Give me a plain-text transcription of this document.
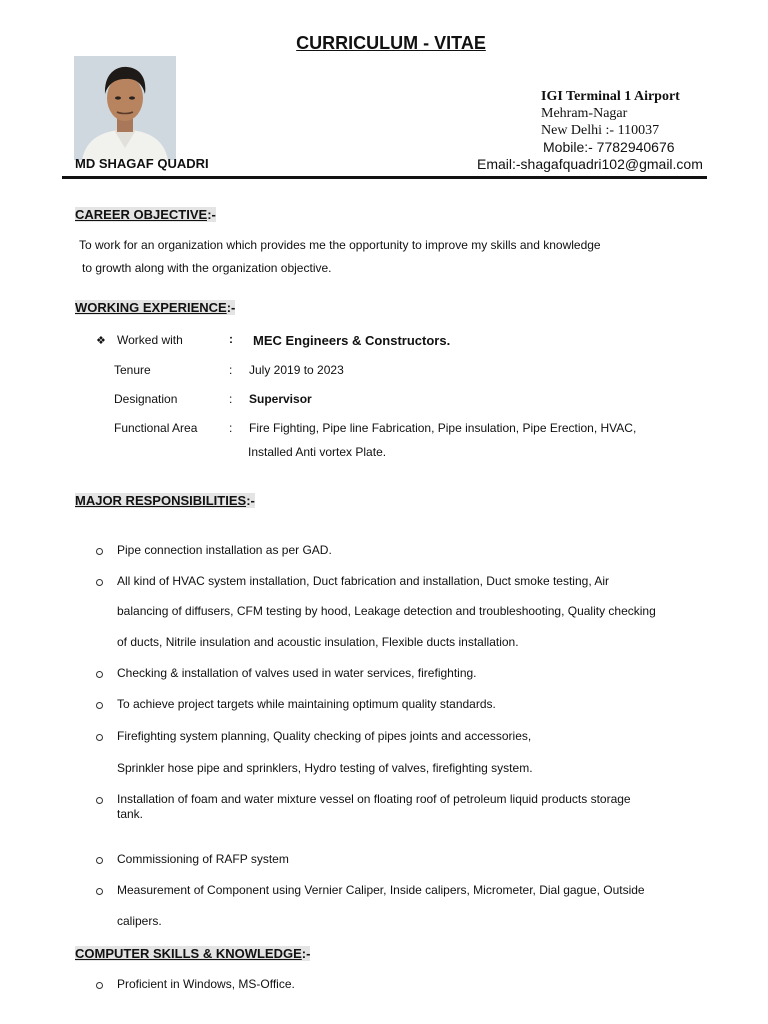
CURRICULUM - VITAE
IGI Terminal 1 Airport
Mehram-Nagar
New Delhi :- 110037
Mobile:- 7782940676
MD SHAGAF QUADRI	Email:-shagafquadri102@gmail.com
CAREER OBJECTIVE:-
To work for an organization which provides me the opportunity to improve my skills and knowledge
to growth along with the organization objective.
WORKING EXPERIENCE:-
❖ Worked with	: MEC Engineers & Constructors.
Tenure	: July 2019 to 2023
Designation	: Supervisor
Functional Area	: Fire Fighting, Pipe line Fabrication, Pipe insulation, Pipe Erection, HVAC,
Installed Anti vortex Plate.
MAJOR RESPONSIBILITIES:-
Pipe connection installation as per GAD.
All kind of HVAC system installation, Duct fabrication and installation, Duct smoke testing, Air
balancing of diffusers, CFM testing by hood, Leakage detection and troubleshooting, Quality checking
of ducts, Nitrile insulation and acoustic insulation, Flexible ducts installation.
Checking & installation of valves used in water services, firefighting.
To achieve project targets while maintaining optimum quality standards.
Firefighting system planning, Quality checking of pipes joints and accessories,
Sprinkler hose pipe and sprinklers, Hydro testing of valves, firefighting system.
Installation of foam and water mixture vessel on floating roof of petroleum liquid products storage
tank.
Commissioning of RAFP system
Measurement of Component using Vernier Caliper, Inside calipers, Micrometer, Dial gague, Outside
calipers.
COMPUTER SKILLS & KNOWLEDGE:-
Proficient in Windows, MS-Office.
